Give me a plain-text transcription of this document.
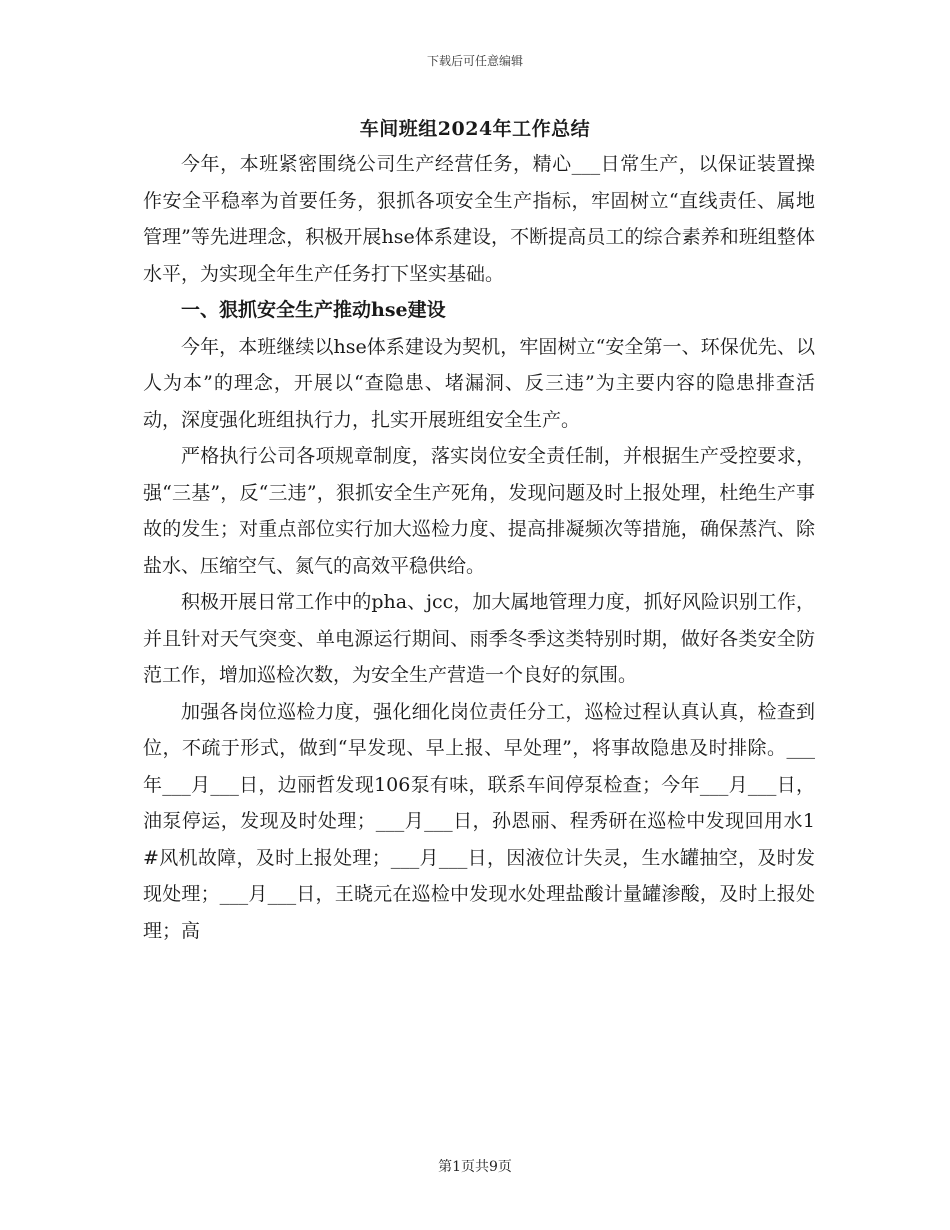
下载后可任意编辑
车间班组2024年工作总结

今年，本班紧密围绕公司生产经营任务，精心___日常生产，以保证装置操作安全平稳率为首要任务，狠抓各项安全生产指标，牢固树立“直线责任、属地管理”等先进理念，积极开展hse体系建设，不断提高员工的综合素养和班组整体水平，为实现全年生产任务打下坚实基础。

一、狠抓安全生产推动hse建设

今年，本班继续以hse体系建设为契机，牢固树立“安全第一、环保优先、以人为本”的理念，开展以“查隐患、堵漏洞、反三违”为主要内容的隐患排查活动，深度强化班组执行力，扎实开展班组安全生产。

严格执行公司各项规章制度，落实岗位安全责任制，并根据生产受控要求，强“三基”，反“三违”，狠抓安全生产死角，发现问题及时上报处理，杜绝生产事故的发生；对重点部位实行加大巡检力度、提高排凝频次等措施，确保蒸汽、除盐水、压缩空气、氮气的高效平稳供给。

积极开展日常工作中的pha、jcc，加大属地管理力度，抓好风险识别工作，并且针对天气突变、单电源运行期间、雨季冬季这类特别时期，做好各类安全防范工作，增加巡检次数，为安全生产营造一个良好的氛围。

加强各岗位巡检力度，强化细化岗位责任分工，巡检过程认真认真，检查到位，不疏于形式，做到“早发现、早上报、早处理”，将事故隐患及时排除。___年___月___日，边丽哲发现106泵有味，联系车间停泵检查；今年___月___日，油泵停运，发现及时处理；___月___日，孙恩丽、程秀研在巡检中发现回用水1#风机故障，及时上报处理；___月___日，因液位计失灵，生水罐抽空，及时发现处理；___月___日，王晓元在巡检中发现水处理盐酸计量罐渗酸，及时上报处理；高

第1页共9页
